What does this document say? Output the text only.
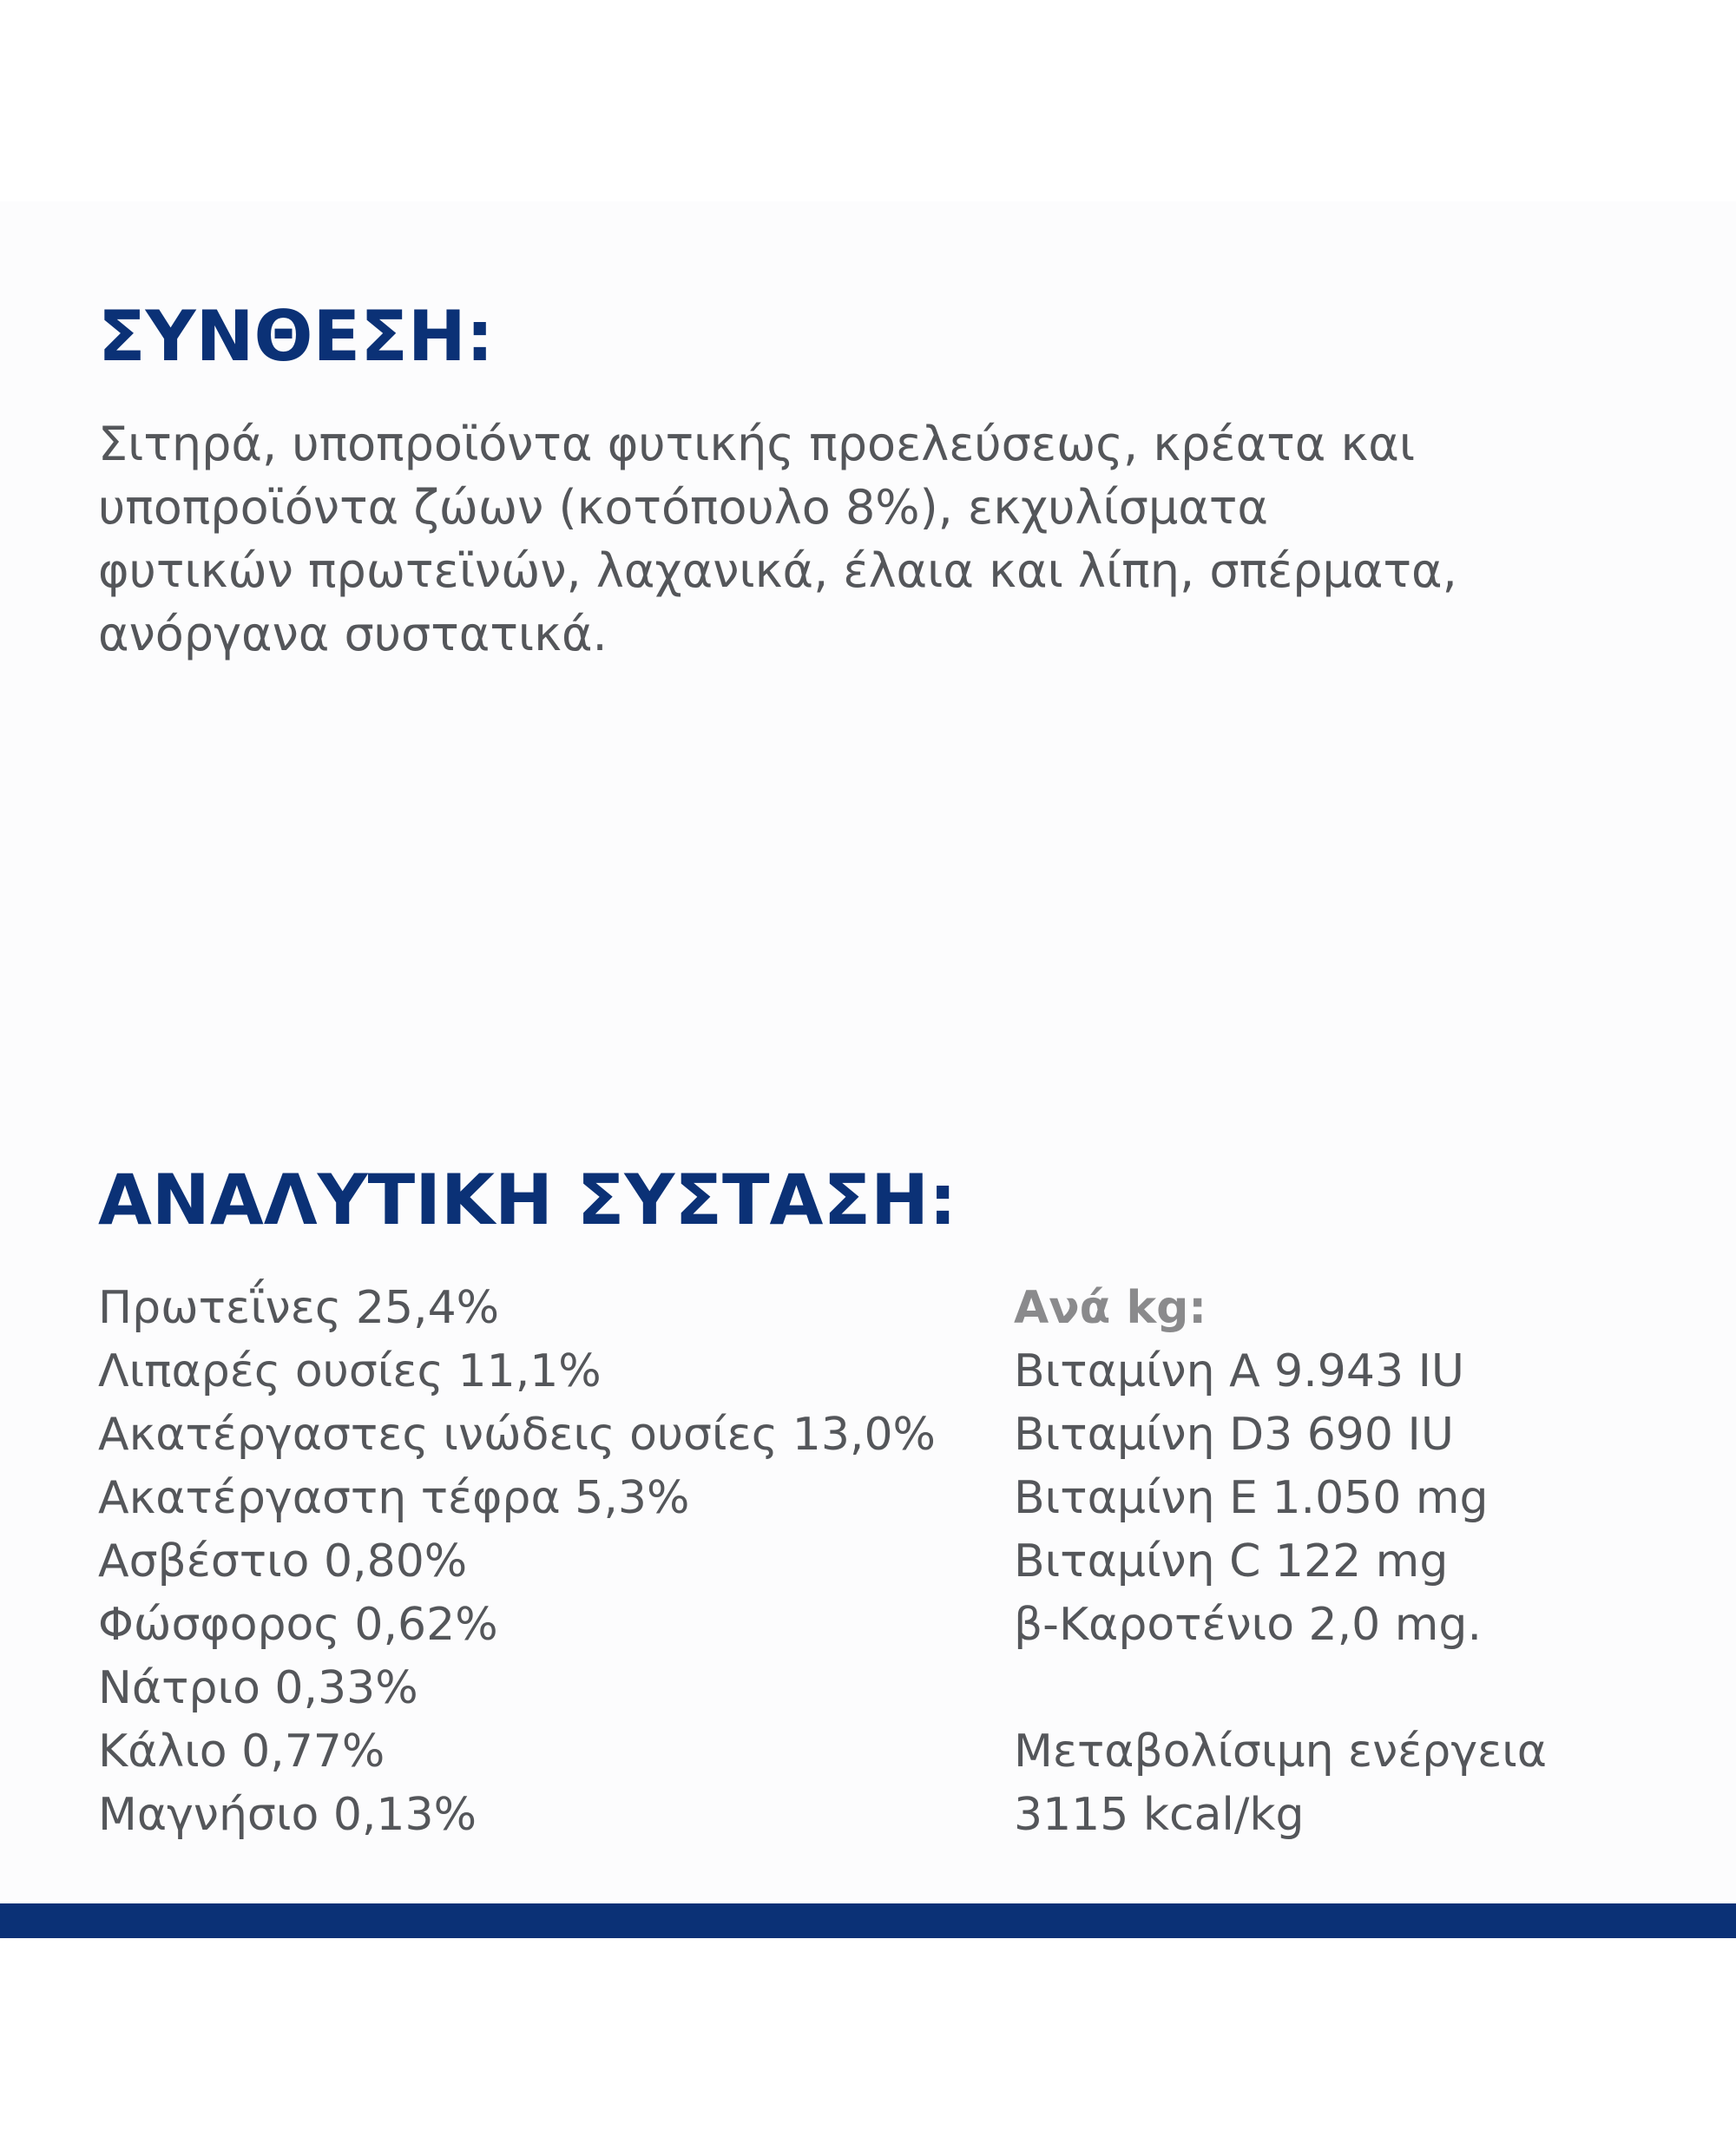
ΣΥΝΘΕΣΗ:

Σιτηρά, υποπροϊόντα φυτικής προελεύσεως, κρέατα και
υποπροϊόντα ζώων (κοτόπουλο 8%), εκχυλίσματα
φυτικών πρωτεϊνών, λαχανικά, έλαια και λίπη, σπέρματα,
ανόργανα συστατικά.

ΑΝΑΛΥΤΙΚΗ ΣΥΣΤΑΣΗ:
Πρωτεΐνες 25,4%
Λιπαρές ουσίες 11,1%
Ακατέργαστες ινώδεις ουσίες 13,0%
Ακατέργαστη τέφρα 5,3%
Ασβέστιο 0,80%
Φώσφορος 0,62%
Νάτριο 0,33%
Κάλιο 0,77%
Μαγνήσιο 0,13%
Ανά kg:
Βιταμίνη A 9.943 IU
Βιταμίνη D3 690 IU
Βιταμίνη E 1.050 mg
Βιταμίνη C 122 mg
β-Καροτένιο 2,0 mg.
Μεταβολίσιμη ενέργεια
3115 kcal/kg
